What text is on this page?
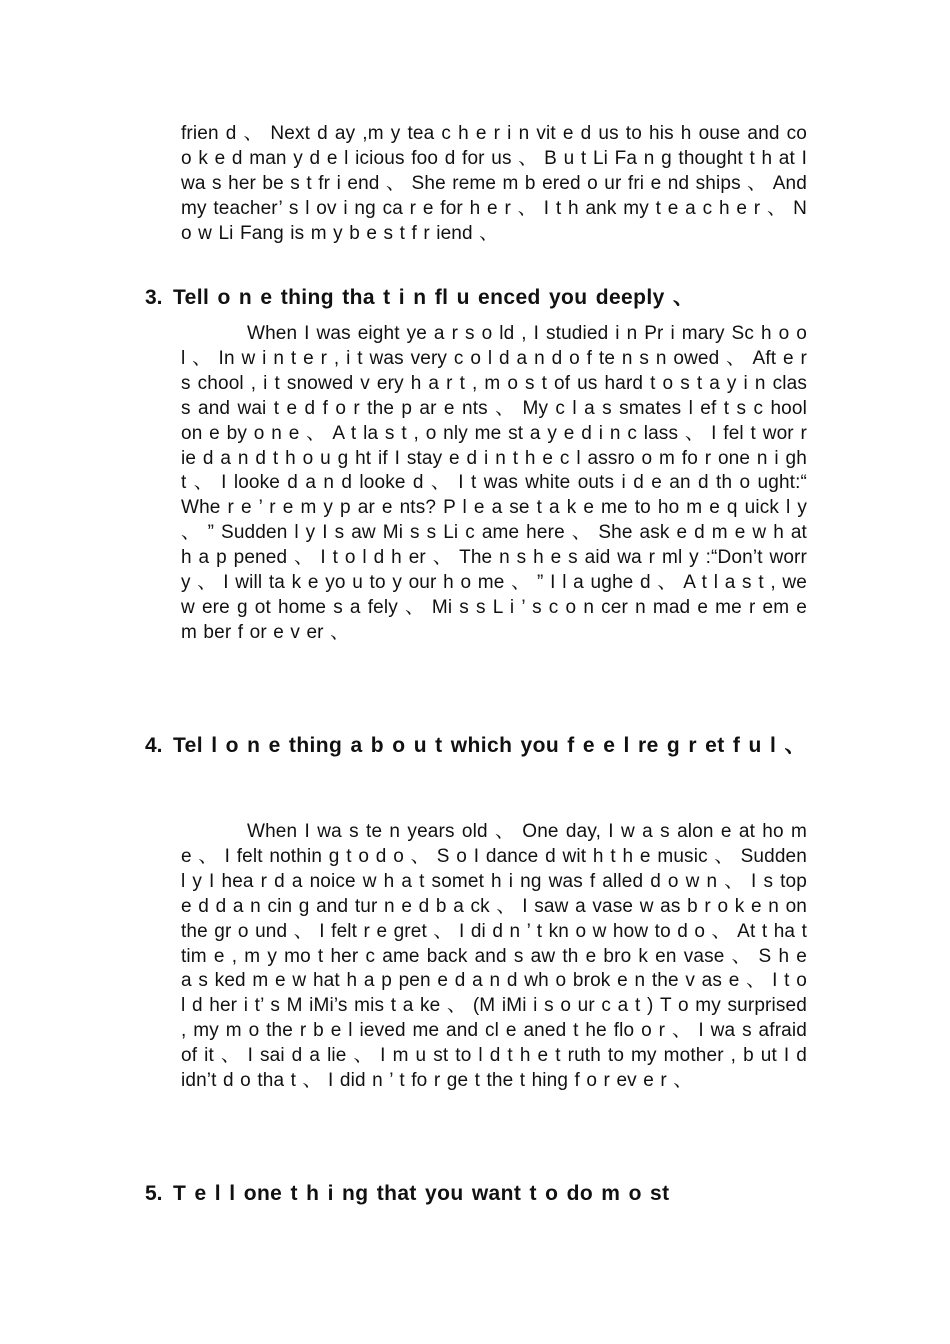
frien d 、 Next d ay ,m y tea c h e r i n vit e d us to his h ouse and co o k e d man y d e l icious foo d for us 、 B u t Li Fa n g thought t h at I wa s her be s t fr i end 、 She reme m b ered o ur fri e nd ships 、 And my teacher’ s l ov i ng ca r e for h e r 、 I t h ank my t e a c h e r 、 N o w Li Fang is m y b e s t f r iend 、

3. Tell o n e thing tha t i n fl u enced you deeply 、

When I was eight ye a r s o ld , I studied i n Pr i mary Sc h o o l 、 In w i n t e r , i t was very c o l d a n d o f te n s n owed 、 Aft e r s chool , i t snowed v ery h a r t , m o s t of us hard t o s t a y i n clas s and wai t e d f o r the p ar e nts 、 My c l a s smates l ef t s c hool on e by o n e 、 A t la s t , o nly me st a y e d i n c lass 、 I fel t wor r ie d a n d t h o u g ht if I stay e d i n t h e c l assro o m fo r one n i gh t 、 I looke d a n d looke d 、 I t was white outs i d e an d th o ught:“ Whe r e ’ r e m y p ar e nts? P l e a se t a k e me to ho m e q uick l y 、 ” Sudden l y I s aw Mi s s Li c ame here 、 She ask e d m e w h at h a p pened 、 I t o l d h er 、 The n s h e s aid wa r ml y :“Don’t worr y 、 I will ta k e yo u to y our h o me 、 ” I l a ughe d 、 A t l a s t , we w ere g ot home s a fely 、 Mi s s L i ’ s c o n cer n mad e me r em e m ber f or e v er 、

4. Tel l o n e thing a b o u t which you f e e l re g r et f u l 、

When I wa s te n years old 、 One day, I w a s alon e at ho m e 、 I felt nothin g t o d o 、 S o I dance d wit h t h e music 、 Sudden l y I hea r d a noice w h a t somet h i ng was f alled d o w n 、 I s top e d d a n cin g and tur n e d b a ck 、 I saw a vase w as b r o k e n on the gr o und 、 I felt r e gret 、 I di d n ’ t kn o w how to d o 、 At t ha t tim e , m y mo t her c ame back and s aw th e bro k en vase 、 S h e a s ked m e w hat h a p pen e d a n d wh o brok e n the v as e 、 I t o l d her i t’ s M iMi’s mis t a ke 、 (M iMi i s o ur c a t ) T o my surprised , my m o the r b e l ieved me and cl e aned t he flo o r 、 I wa s afraid of it 、 I sai d a lie 、 I m u st to l d t h e t ruth to my mother , b ut I d idn’t d o tha t 、 I did n ’ t fo r ge t the t hing f o r ev e r 、

5. T e l l one t h i ng that you want t o do m o st
